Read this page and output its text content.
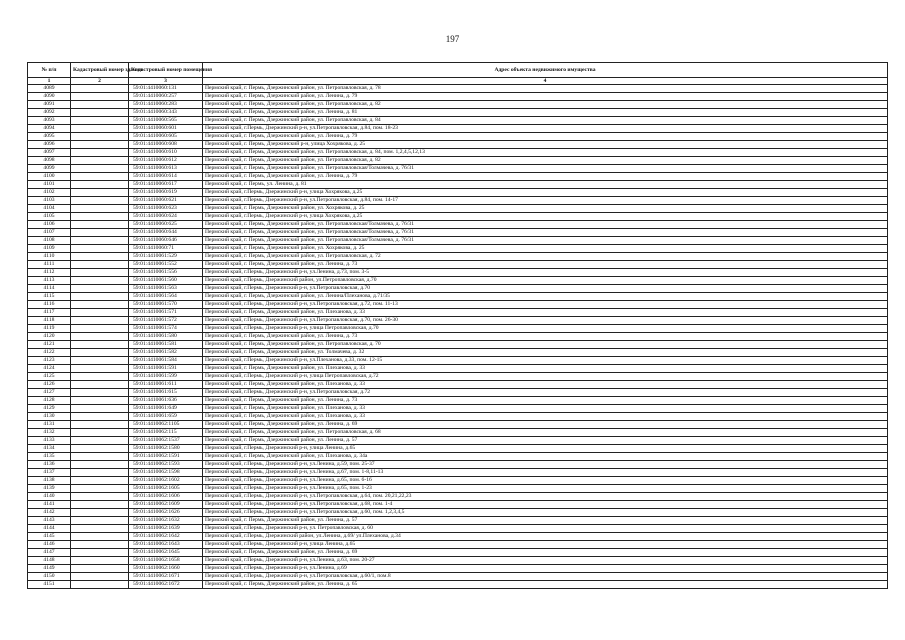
197
№ п/п	Кадастровый номер здания	Кадастровый номер помещения	Адрес объекта недвижимого имущества
1	2	3	4
4089		59:01:4410060:131	Пермский край, г. Пермь, Дзержинский район, ул. Петропавловская, д. 78
4090		59:01:4410060:257	Пермский край, г. Пермь, Дзержинский район, ул. Ленина, д. 79
4091		59:01:4410060:283	Пермский край, г. Пермь, Дзержинский район, ул. Петропавловская, д. 82
4092		59:01:4410060:343	Пермский край, г. Пермь, Дзержинский район, ул. Ленина, д. 81
4093		59:01:4410060:565	Пермский край, г. Пермь, Дзержинский район, ул. Петропавловская, д. 84
4094		59:01:4410060:601	Пермский край, г.Пермь, Дзержинский р-н, ул.Петропавловская, д.84, пом. 18-23
4095		59:01:4410060:605	Пермский край, г. Пермь, Дзержинский район, ул. Ленина, д. 79
4096		59:01:4410060:608	Пермский край, г. Пермь, Дзержинский р-н, улица Хохрякова, д. 25
4097		59:01:4410060:610	Пермский край, г. Пермь, Дзержинский район, ул. Петропавловская, д. 84, пом. 1,2,4,5,12,13
4098		59:01:4410060:612	Пермский край, г. Пермь, Дзержинский район, ул. Петропавловская, д. 82
4099		59:01:4410060:613	Пермский край, г. Пермь, Дзержинский район, ул. Петропавловская/Толмачева, д. 76/31
4100		59:01:4410060:614	Пермский край, г. Пермь, Дзержинский район, ул. Ленина, д. 79
4101		59:01:4410060:617	Пермский край, г. Пермь, ул. Ленина, д. 81
4102		59:01:4410060:619	Пермский край, г.Пермь, Дзержинский р-н, улица Хохрякова, д.25
4103		59:01:4410060:621	Пермский край, г.Пермь, Дзержинский р-н, ул.Петропавловская, д.84, пом. 14-17
4104		59:01:4410060:623	Пермский край, г. Пермь, Дзержинский район, ул. Хохрякова, д. 25
4105		59:01:4410060:624	Пермский край, г.Пермь, Дзержинский р-н, улица Хохрякова, д.25
4106		59:01:4410060:625	Пермский край, г. Пермь, Дзержинский район, ул. Петропавловская/Толмачева, д. 76/31
4107		59:01:4410060:644	Пермский край, г. Пермь, Дзержинский район, ул. Петропавловская/Толмачева, д. 76/31
4108		59:01:4410060:646	Пермский край, г. Пермь, Дзержинский район, ул. Петропавловская/Толмачева, д. 76/31
4109		59:01:4410060:71	Пермский край, г. Пермь, Дзержинский район, ул. Хохрякова, д. 25
4110		59:01:4410061:529	Пермский край, г. Пермь, Дзержинский район, ул. Петропавловская, д. 72
4111		59:01:4410061:552	Пермский край, г. Пермь, Дзержинский район, ул. Ленина, д. 73
4112		59:01:4410061:556	Пермский край, г.Пермь, Дзержинский р-н, ул.Ленина, д.73, пом. 3-5
4113		59:01:4410061:560	Пермский край, г.Пермь, Дзержинский район, ул.Петропавловская, д.70
4114		59:01:4410061:563	Пермский край, г.Пермь, Дзержинский р-н, ул.Петропавловская, д.70
4115		59:01:4410061:564	Пермский край, г. Пермь, Дзержинский район, ул. Ленина/Плеханова, д.71/35
4116		59:01:4410061:570	Пермский край, г.Пермь, Дзержинский р-н, ул.Петропавловская, д.72, пом. 11-13
4117		59:01:4410061:571	Пермский край, г. Пермь, Дзержинский район, ул. Плеханова, д. 33
4118		59:01:4410061:572	Пермский край, г.Пермь, Дзержинский р-н, ул.Петропавловская, д.70, пом. 26-30
4119		59:01:4410061:574	Пермский край, г.Пермь, Дзержинский р-н, улица Петропавловская, д.70
4120		59:01:4410061:580	Пермский край, г. Пермь, Дзержинский район, ул. Ленина, д. 73
4121		59:01:4410061:581	Пермский край, г. Пермь, Дзержинский район, ул. Петропавловская, д. 70
4122		59:01:4410061:582	Пермский край, г. Пермь, Дзержинский район, ул. Толмачева, д. 32
4123		59:01:4410061:584	Пермский край, г.Пермь, Дзержинский р-н, ул.Плеханова, д.33, пом. 12-15
4124		59:01:4410061:591	Пермский край, г. Пермь, Дзержинский район, ул. Плеханова, д. 33
4125		59:01:4410061:599	Пермский край, г.Пермь, Дзержинский р-н, улица Петропавловская, д.72
4126		59:01:4410061:611	Пермский край, г. Пермь, Дзержинский район, ул. Плеханова, д. 33
4127		59:01:4410061:615	Пермский край, г.Пермь, Дзержинский р-н, ул.Петропавловская, д.72
4128		59:01:4410061:636	Пермский край, г. Пермь, Дзержинский район, ул. Ленина, д. 73
4129		59:01:4410061:649	Пермский край, г. Пермь, Дзержинский район, ул. Плеханова, д. 33
4130		59:01:4410061:659	Пермский край, г. Пермь, Дзержинский район, ул. Плеханова, д. 33
4131		59:01:4410062:1105	Пермский край, г. Пермь, Дзержинский район, ул. Ленина, д. 69
4132		59:01:4410062:115	Пермский край, г. Пермь, Дзержинский район, ул. Петропавловская, д. 68
4133		59:01:4410062:1537	Пермский край, г. Пермь, Дзержинский район, ул. Ленина, д. 57
4134		59:01:4410062:1580	Пермский край, г.Пермь, Дзержинский р-н, улица Ленина, д.65
4135		59:01:4410062:1591	Пермский край, г. Пермь, Дзержинский район, ул. Плеханова, д. 34а
4136		59:01:4410062:1593	Пермский край, г.Пермь, Дзержинский р-н, ул.Ленина, д.59, пом. 25-37
4137		59:01:4410062:1598	Пермский край, г.Пермь, Дзержинский р-н, ул.Ленина, д.67, пом. 1-8,11-13
4138		59:01:4410062:1602	Пермский край, г.Пермь, Дзержинский р-н, ул.Ленина, д.65, пом. 6-16
4139		59:01:4410062:1605	Пермский край, г.Пермь, Дзержинский р-н, ул.Ленина, д.65, пом. 1-23
4140		59:01:4410062:1606	Пермский край, г.Пермь, Дзержинский р-н, ул.Петропавловская, д.64, пом. 20,21,22,23
4141		59:01:4410062:1609	Пермский край, г.Пермь, Дзержинский р-н, ул.Петропавловская, д.68, пом. 1-4
4142		59:01:4410062:1626	Пермский край, г.Пермь, Дзержинский р-н, ул.Петропавловская, д.60, пом. 1,2,3,4,5
4143		59:01:4410062:1632	Пермский край, г. Пермь, Дзержинский район, ул. Ленина, д. 57
4144		59:01:4410062:1639	Пермский край, г.Пермь, Дзержинский р-н, ул. Петропавловская, д. 60
4145		59:01:4410062:1642	Пермский край, г.Пермь, Дзержинский район, ул.Ленина, д.69/ ул.Плеханова, д.34
4146		59:01:4410062:1643	Пермский край, г.Пермь, Дзержинский р-н, улица Ленина, д.65
4147		59:01:4410062:1645	Пермский край, г. Пермь, Дзержинский район, ул. Ленина, д. 69
4148		59:01:4410062:1658	Пермский край, г.Пермь, Дзержинский р-н, ул.Ленина, д.63, пом. 20-27
4149		59:01:4410062:1660	Пермский край, г.Пермь, Дзержинский р-н, ул.Ленина, д.69
4150		59:01:4410062:1671	Пермский край, г.Пермь, Дзержинский р-н, ул.Петропавловская, д.60/1, пом.8
4151		59:01:4410062:1672	Пермский край, г. Пермь, Дзержинский район, ул. Ленина, д. 65
